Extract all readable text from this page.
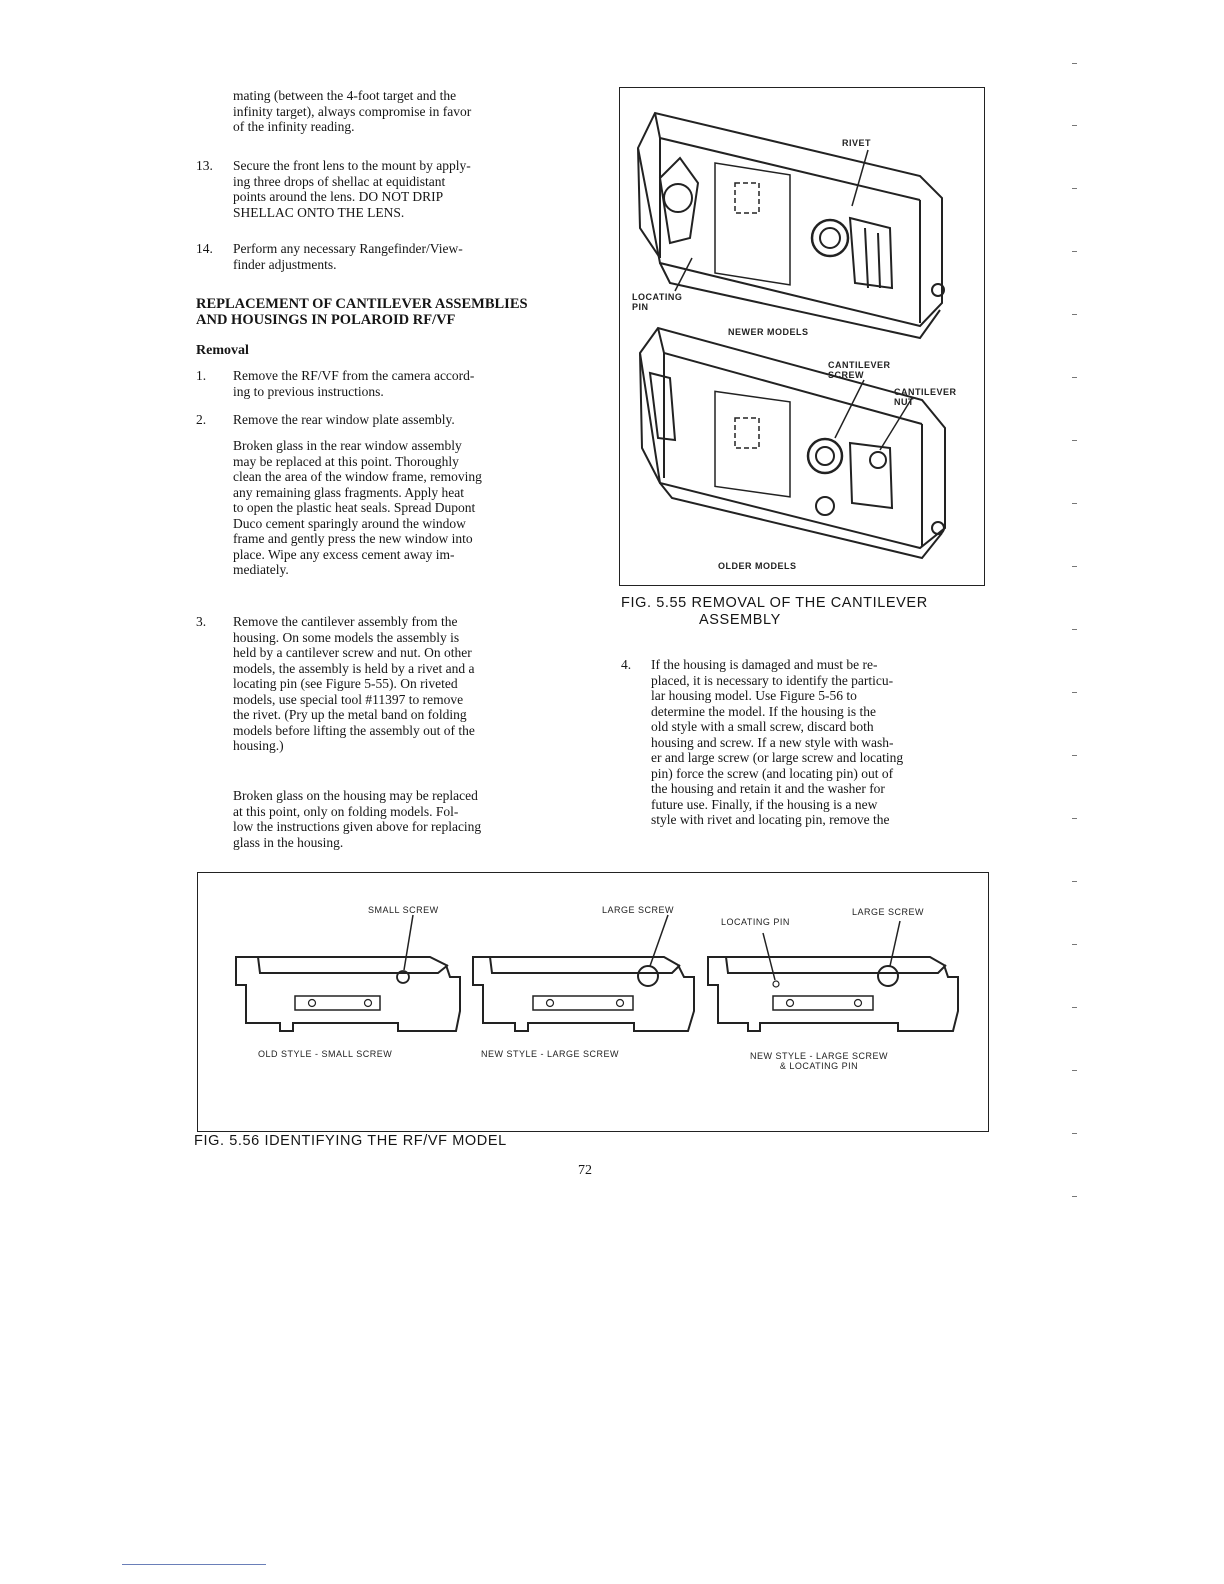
mating (between the 4-foot target and the
infinity target), always compromise in favor
of the infinity reading.
13. Secure the front lens to the mount by apply-
ing three drops of shellac at equidistant
points around the lens. DO NOT DRIP
SHELLAC ONTO THE LENS.
14. Perform any necessary Rangefinder/View-
finder adjustments.
REPLACEMENT OF CANTILEVER ASSEMBLIES
AND HOUSINGS IN POLAROID RF/VF
Removal
1. Remove the RF/VF from the camera accord-
ing to previous instructions.
2. Remove the rear window plate assembly.
Broken glass in the rear window assembly
may be replaced at this point. Thoroughly
clean the area of the window frame, removing
any remaining glass fragments. Apply heat
to open the plastic heat seals. Spread Dupont
Duco cement sparingly around the window
frame and gently press the new window into
place. Wipe any excess cement away im-
mediately.
3. Remove the cantilever assembly from the
housing. On some models the assembly is
held by a cantilever screw and nut. On other
models, the assembly is held by a rivet and a
locating pin (see Figure 5-55). On riveted
models, use special tool #11397 to remove
the rivet. (Pry up the metal band on folding
models before lifting the assembly out of the
housing.)
Broken glass on the housing may be replaced
at this point, only on folding models. Fol-
low the instructions given above for replacing
glass in the housing.
RIVET
LOCATING
PIN
NEWER MODELS
CANTILEVER
SCREW
CANTILEVER
NUT
OLDER MODELS
FIG. 5.55 REMOVAL OF THE CANTILEVER
ASSEMBLY
4. If the housing is damaged and must be re-
placed, it is necessary to identify the particu-
lar housing model. Use Figure 5-56 to
determine the model. If the housing is the
old style with a small screw, discard both
housing and screw. If a new style with wash-
er and large screw (or large screw and locating
pin) force the screw (and locating pin) out of
the housing and retain it and the washer for
future use. Finally, if the housing is a new
style with rivet and locating pin, remove the
SMALL SCREW	LARGE SCREW
LOCATING PIN
LARGE SCREW
OLD STYLE - SMALL SCREW	NEW STYLE - LARGE SCREW	NEW STYLE - LARGE SCREW
& LOCATING PIN
FIG. 5.56 IDENTIFYING THE RF/VF MODEL
72
